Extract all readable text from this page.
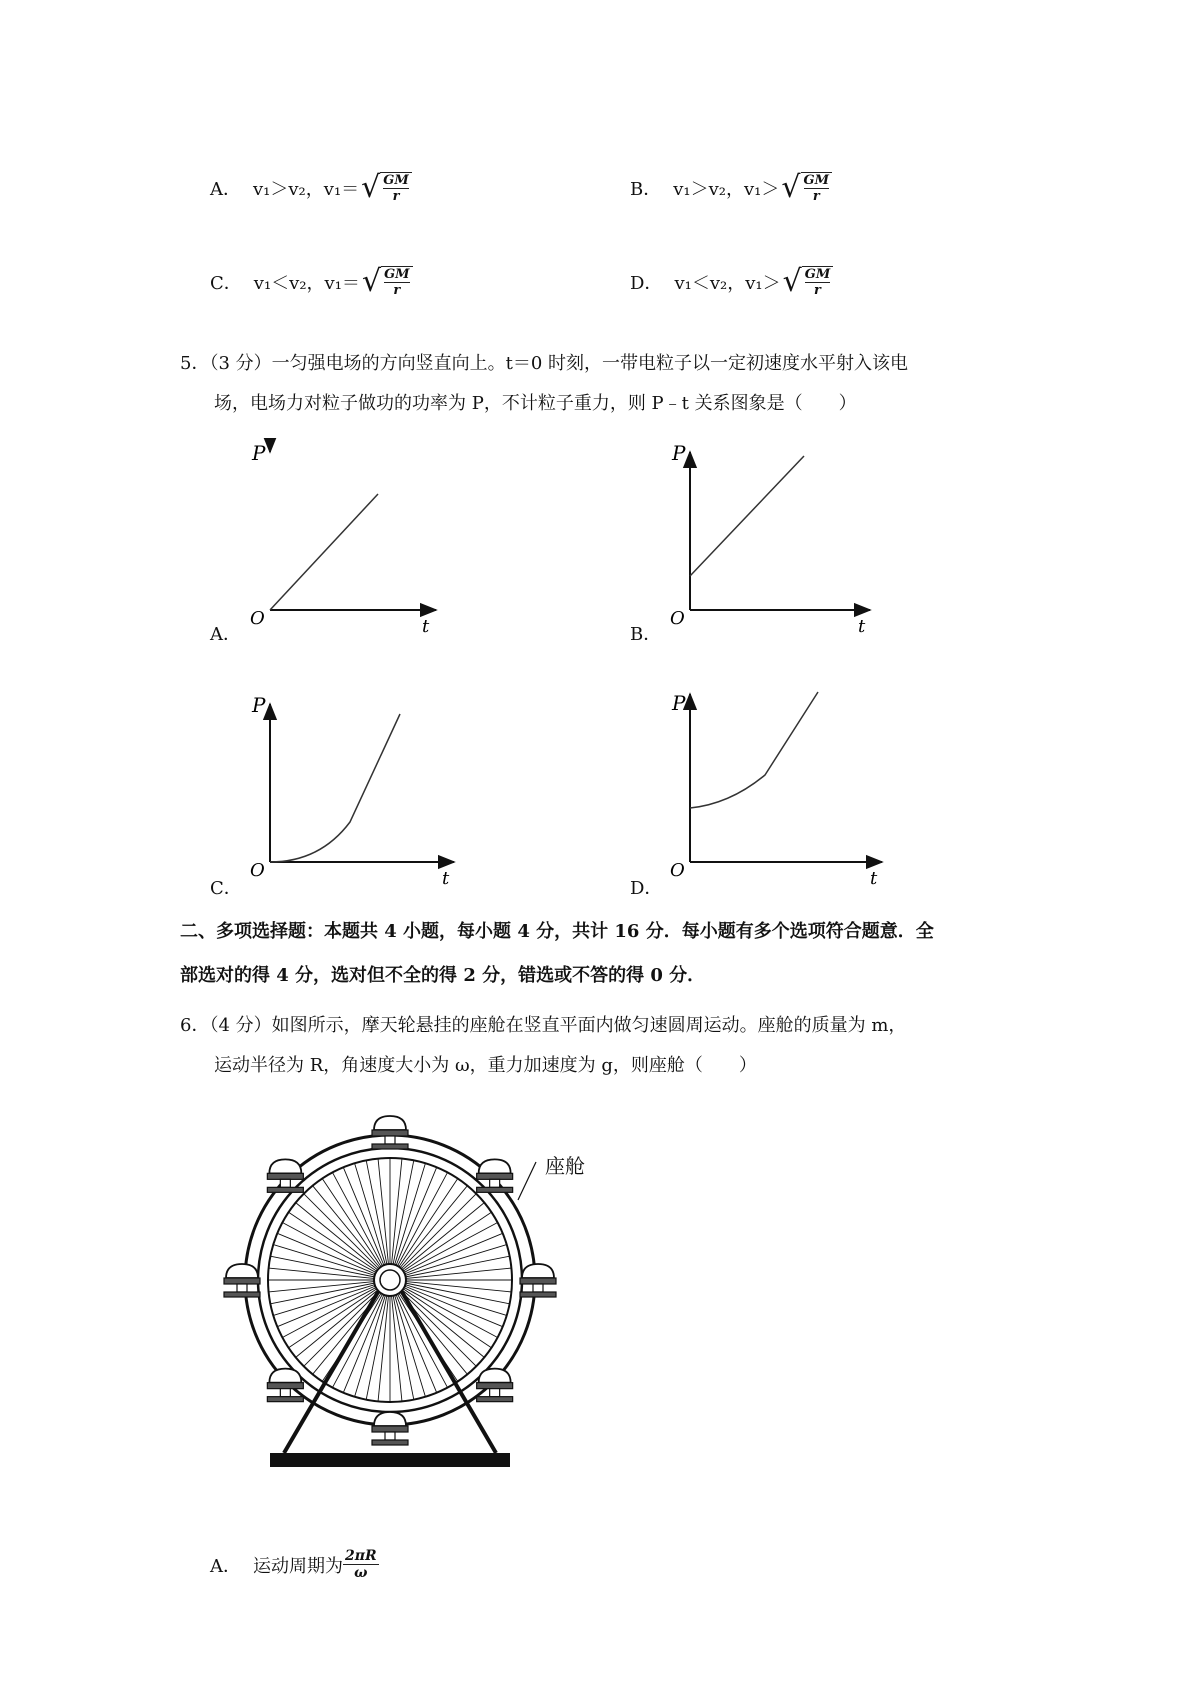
A． v₁＞v₂，v₁＝ √ GM
r	B． v₁＞v₂，v₁＞ √ GM
r
C． v₁＜v₂，v₁＝ √ GM
r	D． v₁＜v₂，v₁＞ √ GM
r
5．（3 分）一匀强电场的方向竖直向上。t＝0 时刻，一带电粒子以一定初速度水平射入该电
场，电场力对粒子做功的功率为 P，不计粒子重力，则 P﹣t 关系图象是（　　）
P
t
O
A．
P
t
O
B．
P
t
O
C．
P
t
O
D．
二、多项选择题：本题共 4 小题，每小题 4 分，共计 16 分．每小题有多个选项符合题意．全
部选对的得 4 分，选对但不全的得 2 分，错选或不答的得 0 分．
6．（4 分）如图所示，摩天轮悬挂的座舱在竖直平面内做匀速圆周运动。座舱的质量为 m，
运动半径为 R，角速度大小为 ω，重力加速度为 g，则座舱（　　）
座舱
A． 运动周期为 2πR
ω
